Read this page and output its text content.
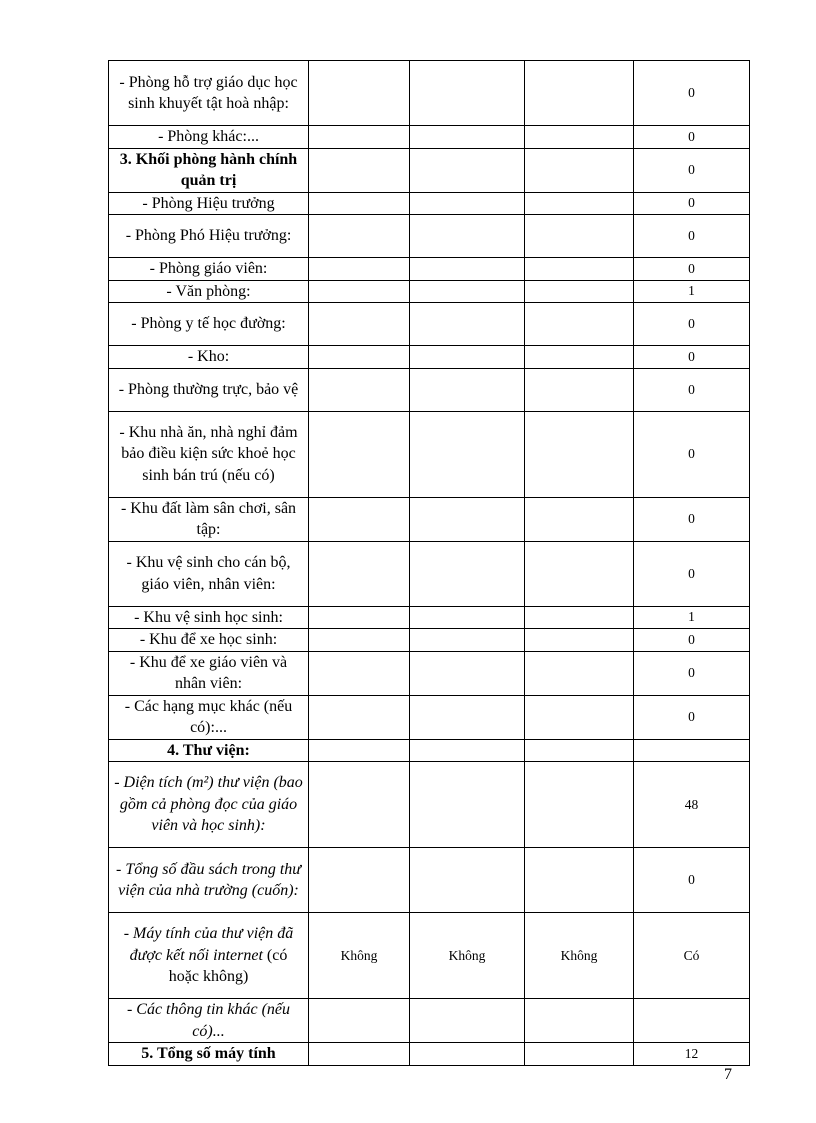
- Phòng hỗ trợ giáo dục học sinh khuyết tật hoà nhập:				0
- Phòng khác:...				0
3. Khối phòng hành chính quản trị				0
- Phòng Hiệu trưởng				0
- Phòng Phó Hiệu trưởng:				0
- Phòng giáo viên:				0
- Văn phòng:				1
- Phòng y tế học đường:				0
- Kho:				0
- Phòng thường trực, bảo vệ				0
- Khu nhà ăn, nhà nghỉ đảm bảo điều kiện sức khoẻ học sinh bán trú (nếu có)				0
- Khu đất làm sân chơi, sân tập:				0
- Khu vệ sinh cho cán bộ, giáo viên, nhân viên:				0
- Khu vệ sinh học sinh:				1
- Khu để xe học sinh:				0
- Khu để xe giáo viên và nhân viên:				0
- Các hạng mục khác (nếu có):...				0
4. Thư viện:				
- Diện tích (m²) thư viện (bao gồm cả phòng đọc của giáo viên và học sinh):				48
- Tổng số đầu sách trong thư viện của nhà trường (cuốn):				0
- Máy tính của thư viện đã được kết nối internet (có hoặc không)	Không	Không	Không	Có
- Các thông tin khác (nếu có)...				
5. Tổng số máy tính				12
7
